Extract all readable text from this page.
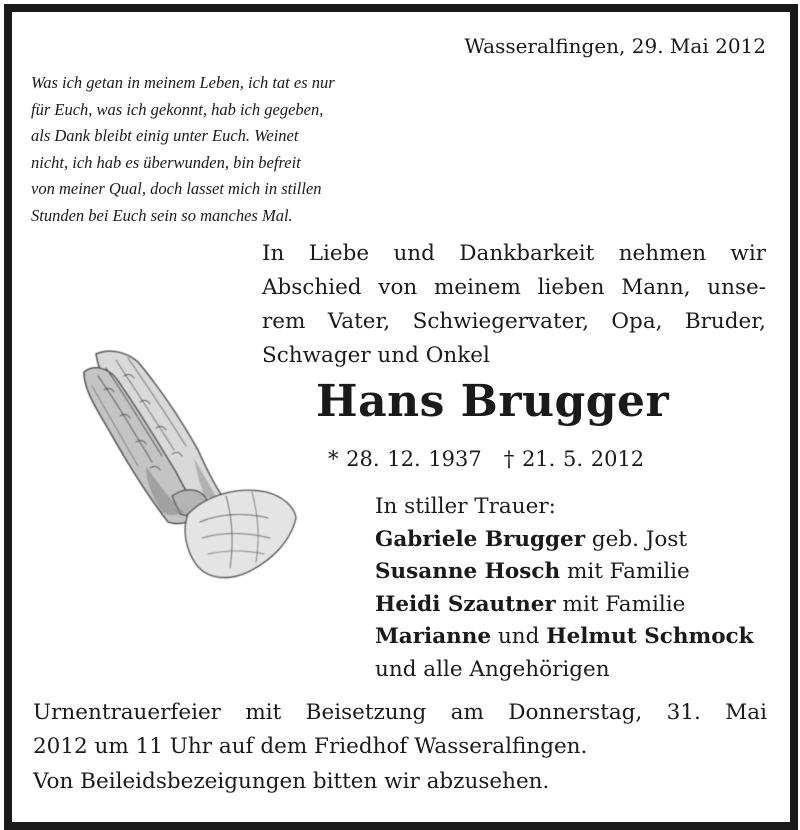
Wasseralfingen, 29. Mai 2012
Was ich getan in meinem Leben, ich tat es nur
für Euch, was ich gekonnt, hab ich gegeben,
als Dank bleibt einig unter Euch. Weinet
nicht, ich hab es überwunden, bin befreit
von meiner Qual, doch lasset mich in stillen
Stunden bei Euch sein so manches Mal.
In Liebe und Dankbarkeit nehmen wir
Abschied von meinem lieben Mann, unse-
rem Vater, Schwiegervater, Opa, Bruder,
Schwager und Onkel
Hans Brugger
* 28. 12. 1937 † 21. 5. 2012
In stiller Trauer:
Gabriele Brugger geb. Jost
Susanne Hosch mit Familie
Heidi Szautner mit Familie
Marianne und Helmut Schmock
und alle Angehörigen
Urnentrauerfeier mit Beisetzung am Donnerstag, 31. Mai
2012 um 11 Uhr auf dem Friedhof Wasseralfingen.
Von Beileidsbezeigungen bitten wir abzusehen.
